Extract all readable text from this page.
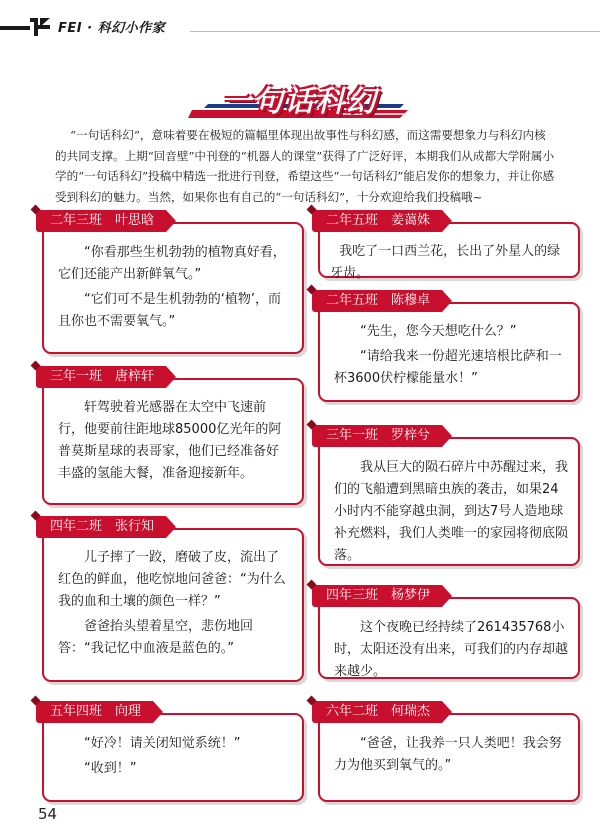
FEI · 科幻小作家
一句话科幻
“一句话科幻”，意味着要在极短的篇幅里体现出故事性与科幻感，而这需要想象力与科幻内核的共同支撑。上期“回音壁”中刊登的“机器人的课堂”获得了广泛好评，本期我们从成都大学附属小学的“一句话科幻”投稿中精选一批进行刊登，希望这些“一句话科幻”能启发你的想象力，并让你感受到科幻的魅力。当然，如果你也有自己的“一句话科幻”，十分欢迎给我们投稿哦~
二年三班　叶思晗

“你看那些生机勃勃的植物真好看，它们还能产出新鲜氧气。”

“它们可不是生机勃勃的‘植物’，而且你也不需要氧气。”

三年一班　唐梓轩

轩驾驶着光感器在太空中飞速前行，他要前往距地球85000亿光年的阿普莫斯星球的表哥家，他们已经准备好丰盛的氢能大餐，准备迎接新年。

四年二班　张行知

儿子摔了一跤，磨破了皮，流出了红色的鲜血，他吃惊地问爸爸：“为什么我的血和土壤的颜色一样？”

爸爸抬头望着星空，悲伤地回答：“我记忆中血液是蓝色的。”

五年四班　向理

“好冷！请关闭知觉系统！”

“收到！”

二年五班　姜蔼姝

我吃了一口西兰花，长出了外星人的绿牙齿。

二年五班　陈穆卓

“先生，您今天想吃什么？”

“请给我来一份超光速培根比萨和一杯3600伏柠檬能量水！”

三年一班　罗梓兮

我从巨大的陨石碎片中苏醒过来，我们的飞船遭到黑暗虫族的袭击，如果24小时内不能穿越虫洞，到达7号人造地球补充燃料，我们人类唯一的家园将彻底陨落。

四年三班　杨梦伊

这个夜晚已经持续了261435768小时，太阳还没有出来，可我们的内存却越来越少。

六年二班　何瑞杰

“爸爸，让我养一只人类吧！我会努力为他买到氧气的。”

54
